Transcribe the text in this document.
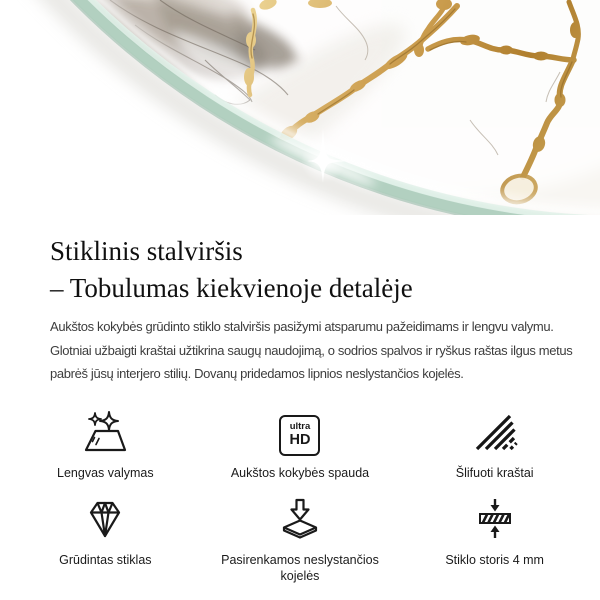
Stiklinis stalviršis
– Tobulumas kiekvienoje detalėje

Aukštos kokybės grūdinto stiklo stalviršis pasižymi atsparumu pažeidimams ir lengvu valymu. Glotniai užbaigti kraštai užtikrina saugų naudojimą, o sodrios spalvos ir ryškus raštas ilgus metus pabrėš jūsų interjero stilių. Dovanų pridedamos lipnios neslystančios kojelės.

Lengvas valymas
ultra
HD
Aukštos kokybės spauda	Šlifuoti kraštai
Grūdintas stiklas	Pasirenkamos neslystančios kojelės
Stiklo storis 4 mm
